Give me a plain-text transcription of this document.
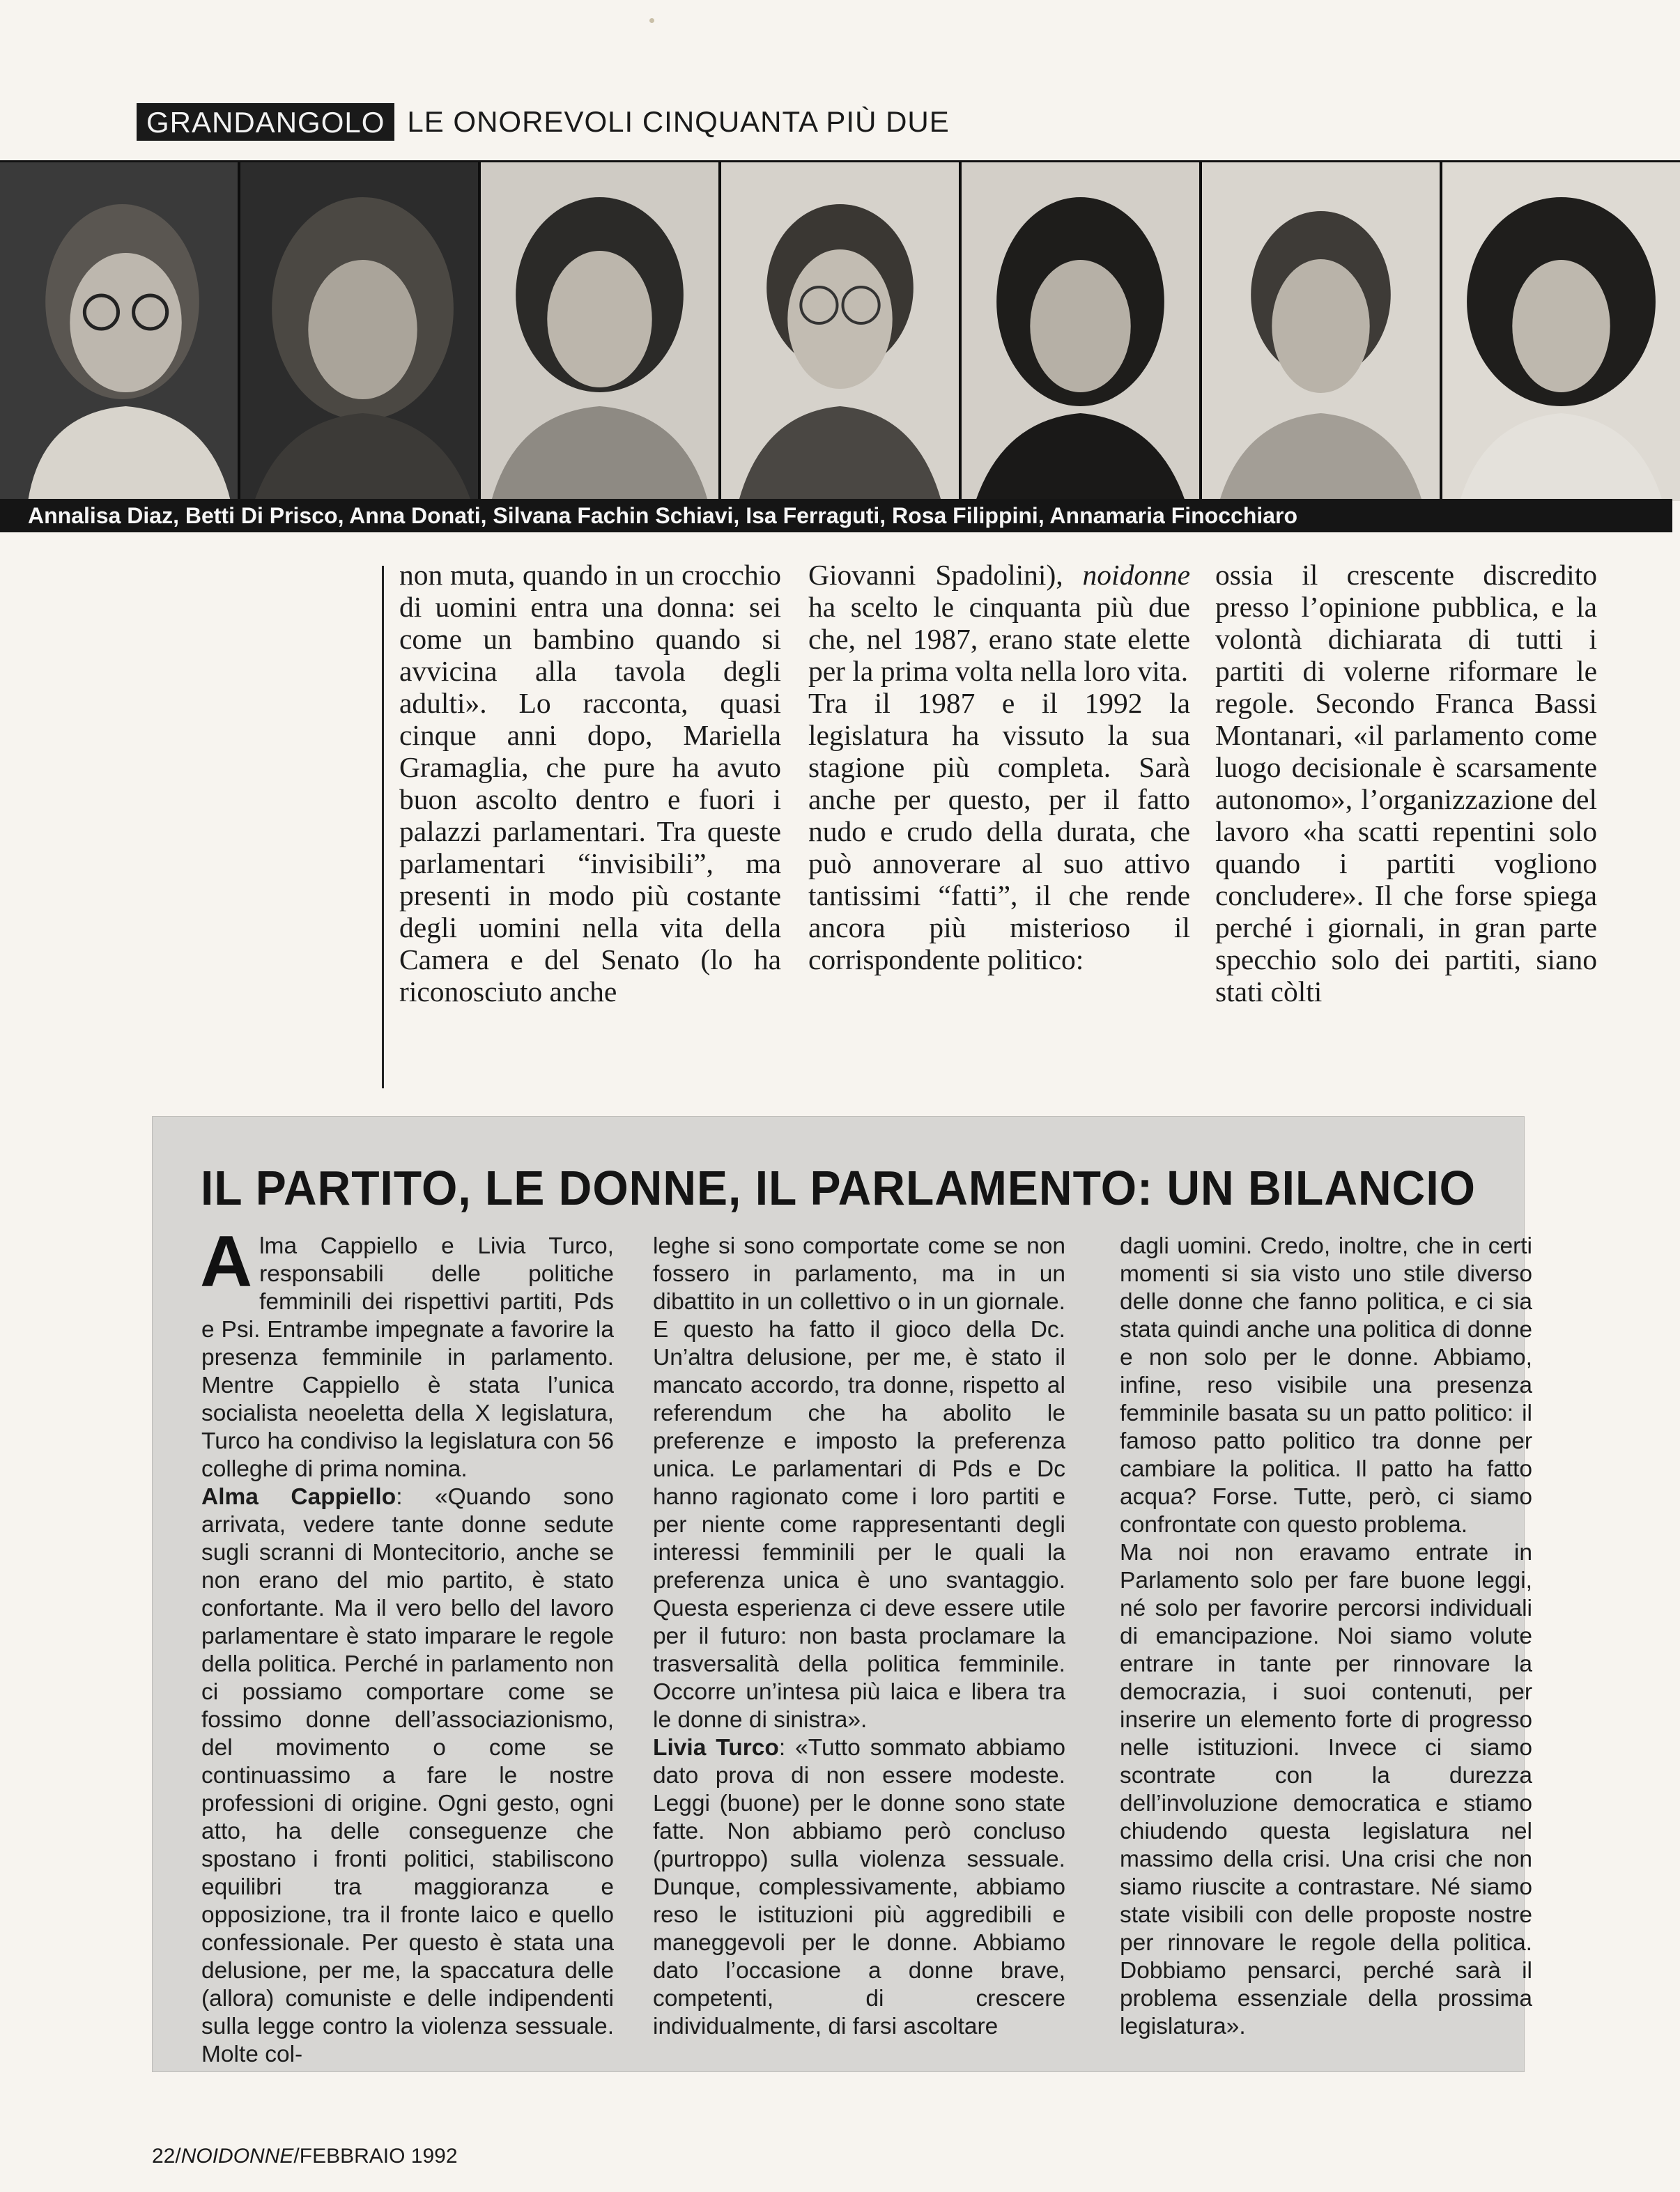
GRANDANGOLO LE ONOREVOLI CINQUANTA PIÙ DUE
Annalisa Diaz, Betti Di Prisco, Anna Donati, Silvana Fachin Schiavi, Isa Ferraguti, Rosa Filippini, Annamaria Finocchiaro

non muta, quando in un crocchio di uomini entra una donna: sei come un bambino quando si avvicina alla tavola degli adulti». Lo racconta, quasi cinque anni dopo, Mariella Gramaglia, che pure ha avuto buon ascolto dentro e fuori i palazzi parlamentari. Tra queste parlamentari “invisibili”, ma presenti in modo più costante degli uomini nella vita della Camera e del Senato (lo ha riconosciuto anche

Giovanni Spadolini), noidonne ha scelto le cinquanta più due che, nel 1987, erano state elette per la prima volta nella loro vita.

Tra il 1987 e il 1992 la legislatura ha vissuto la sua stagione più completa. Sarà anche per questo, per il fatto nudo e crudo della durata, che può annoverare al suo attivo tantissimi “fatti”, il che rende ancora più misterioso il corrispondente politico:

ossia il crescente discredito presso l’opinione pubblica, e la volontà dichiarata di tutti i partiti di volerne riformare le regole. Secondo Franca Bassi Montanari, «il parlamento come luogo decisionale è scarsamente autonomo», l’organizzazione del lavoro «ha scatti repentini solo quando i partiti vogliono concludere». Il che forse spiega perché i giornali, in gran parte specchio solo dei partiti, siano stati còlti

IL PARTITO, LE DONNE, IL PARLAMENTO: UN BILANCIO

Alma Cappiello e Livia Turco, responsabili delle politiche femminili dei rispettivi partiti, Pds e Psi. Entrambe impegnate a favorire la presenza femminile in parlamento. Mentre Cappiello è stata l’unica socialista neoeletta della X legislatura, Turco ha condiviso la legislatura con 56 colleghe di prima nomina.

Alma Cappiello: «Quando sono arrivata, vedere tante donne sedute sugli scranni di Montecitorio, anche se non erano del mio partito, è stato confortante. Ma il vero bello del lavoro parlamentare è stato imparare le regole della politica. Perché in parlamento non ci possiamo comportare come se fossimo donne dell’associazionismo, del movimento o come se continuassimo a fare le nostre professioni di origine. Ogni gesto, ogni atto, ha delle conseguenze che spostano i fronti politici, stabiliscono equilibri tra maggioranza e opposizione, tra il fronte laico e quello confessionale. Per questo è stata una delusione, per me, la spaccatura delle (allora) comuniste e delle indipendenti sulla legge contro la violenza sessuale. Molte col-

leghe si sono comportate come se non fossero in parlamento, ma in un dibattito in un collettivo o in un giornale. E questo ha fatto il gioco della Dc. Un’altra delusione, per me, è stato il mancato accordo, tra donne, rispetto al referendum che ha abolito le preferenze e imposto la preferenza unica. Le parlamentari di Pds e Dc hanno ragionato come i loro partiti e per niente come rappresentanti degli interessi femminili per le quali la preferenza unica è uno svantaggio. Questa esperienza ci deve essere utile per il futuro: non basta proclamare la trasversalità della politica femminile. Occorre un’intesa più laica e libera tra le donne di sinistra».

Livia Turco: «Tutto sommato abbiamo dato prova di non essere modeste. Leggi (buone) per le donne sono state fatte. Non abbiamo però concluso (purtroppo) sulla violenza sessuale. Dunque, complessivamente, abbiamo reso le istituzioni più aggredibili e maneggevoli per le donne. Abbiamo dato l’occasione a donne brave, competenti, di crescere individualmente, di farsi ascoltare

dagli uomini. Credo, inoltre, che in certi momenti si sia visto uno stile diverso delle donne che fanno politica, e ci sia stata quindi anche una politica di donne e non solo per le donne. Abbiamo, infine, reso visibile una presenza femminile basata su un patto politico: il famoso patto politico tra donne per cambiare la politica. Il patto ha fatto acqua? Forse. Tutte, però, ci siamo confrontate con questo problema.

Ma noi non eravamo entrate in Parlamento solo per fare buone leggi, né solo per favorire percorsi individuali di emancipazione. Noi siamo volute entrare in tante per rinnovare la democrazia, i suoi contenuti, per inserire un elemento forte di progresso nelle istituzioni. Invece ci siamo scontrate con la durezza dell’involuzione democratica e stiamo chiudendo questa legislatura nel massimo della crisi. Una crisi che non siamo riuscite a contrastare. Né siamo state visibili con delle proposte nostre per rinnovare le regole della politica. Dobbiamo pensarci, perché sarà il problema essenziale della prossima legislatura».

22/NOIDONNE/FEBBRAIO 1992
